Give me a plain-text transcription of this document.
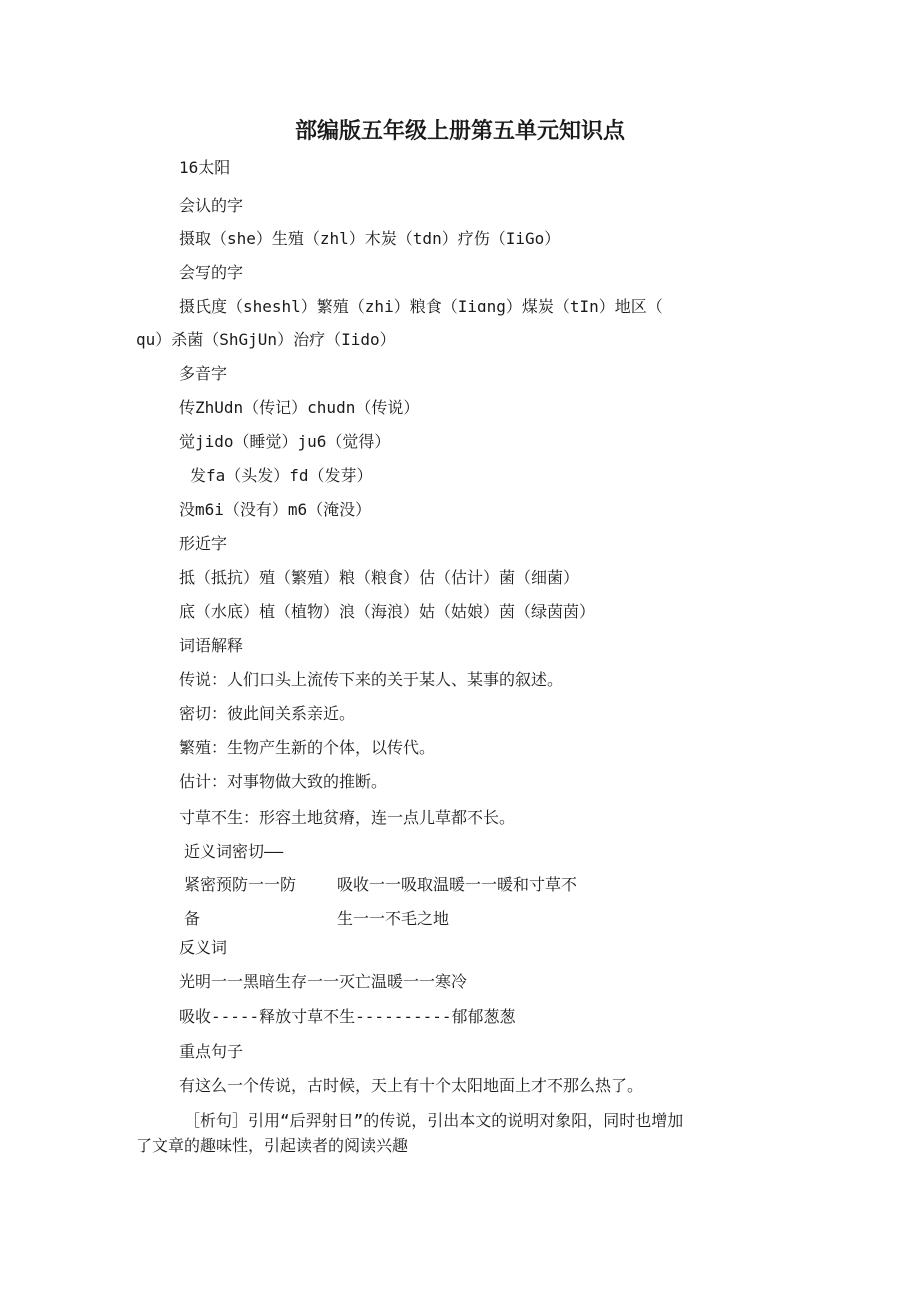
部编版五年级上册第五单元知识点
16太阳
会认的字
摄取（she）生殖（zhl）木炭（tdn）疗伤（IiGo）
会写的字
摄氏度（sheshl）繁殖（zhi）粮食（Iiɑng）煤炭（tIn）地区（
qu）杀菌（ShGjUn）治疗（Iido）
多音字
传ZhUdn（传记）chudn（传说）
觉jido（睡觉）ju6（觉得）
发fa（头发）fd（发芽）
没m6i（没有）m6（淹没）
形近字
抵（抵抗）殖（繁殖）粮（粮食）估（估计）菌（细菌）
底（水底）植（植物）浪（海浪）姑（姑娘）茵（绿茵茵）
词语解释
传说：人们口头上流传下来的关于某人、某事的叙述。
密切：彼此间关系亲近。
繁殖：生物产生新的个体，以传代。
估计：对事物做大致的推断。
寸草不生：形容土地贫瘠，连一点儿草都不长。
近义词密切——
紧密预防一一防
备
吸收一一吸取温暖一一暖和寸草不
生一一不毛之地
反义词
光明一一黑暗生存一一灭亡温暖一一寒冷
吸收-----释放寸草不生----------郁郁葱葱
重点句子
有这么一个传说，古时候，天上有十个太阳地面上才不那么热了。
［析句］引用“后羿射日”的传说，引出本文的说明对象阳，同时也增加
了文章的趣味性，引起读者的阅读兴趣
